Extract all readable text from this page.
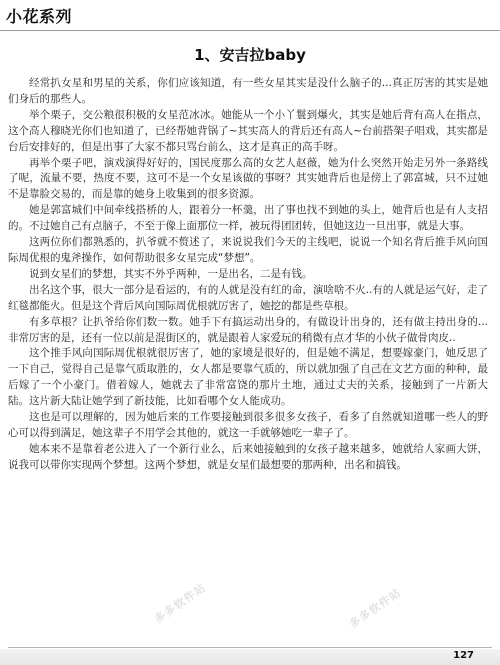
小花系列
1、安吉拉baby

经常扒女星和男星的关系，你们应该知道，有一些女星其实是没什么脑子的...真正厉害的其实是她们身后的那些人。

举个栗子，交公粮很积极的女星范冰冰。她能从一个小丫鬟到爆火，其实是她后背有高人在指点，这个高人穆晓光你们也知道了，已经帮她背锅了~其实高人的背后还有高人~台前搭架子唱戏，其实都是台后安排好的，但是出事了大家不都只骂台前么，这才是真正的高手呀。

再举个栗子吧，演戏演得好好的，国民度那么高的女艺人赵薇，她为什么突然开始走另外一条路线了呢，流量不要，热度不要，这可不是一个女星该做的事呀？其实她背后也是傍上了郭富城，只不过她不是靠脸交易的，而是靠的她身上收集到的很多资源。

她是郭富城们中间牵线搭桥的人，跟着分一杯羹，出了事也找不到她的头上，她背后也是有人支招的。不过她自己有点脑子，不至于像上面那位一样，被玩得团团转，但她这边一旦出事，就是大事。

这两位你们都熟悉的，扒爷就不赘述了，来说说我们今天的主线吧，说说一个知名背后推手风向国际周优根的鬼斧操作，如何帮助很多女星完成“梦想”。

说到女星们的梦想，其实不外乎两种，一是出名，二是有钱。

出名这个事，很大一部分是看运的，有的人就是没有红的命，演啥啥不火..有的人就是运气好，走了红毯都能火。但是这个背后风向国际周优根就厉害了，她挖的都是些草根。

有多草根？让扒爷给你们数一数。她手下有搞运动出身的，有做设计出身的，还有做主持出身的...非常厉害的是，还有一位以前是混街区的，就是跟着人家爱玩的稍微有点才华的小伙子做骨肉皮..

这个推手风向国际周优根就很厉害了，她的家境是很好的，但是她不满足，想要嫁豪门，她反思了一下自己，觉得自己是靠气质取胜的，女人都是要靠气质的，所以就加强了自己在文艺方面的种种，最后嫁了一个小豪门。借着嫁人，她就去了非常富饶的那片土地，通过丈夫的关系，接触到了一片新大陆。这片新大陆让她学到了新技能，比如看哪个女人能成功。

这也是可以理解的，因为她后来的工作要接触到很多很多女孩子，看多了自然就知道哪一些人的野心可以得到满足，她这辈子不用学会其他的，就这一手就够她吃一辈子了。

她本来不是靠着老公进入了一个新行业么，后来她接触到的女孩子越来越多，她就给人家画大饼，说我可以带你实现两个梦想。这两个梦想，就是女星们最想要的那两种，出名和搞钱。

多多软件站
多多软件站	多多软件站
127
